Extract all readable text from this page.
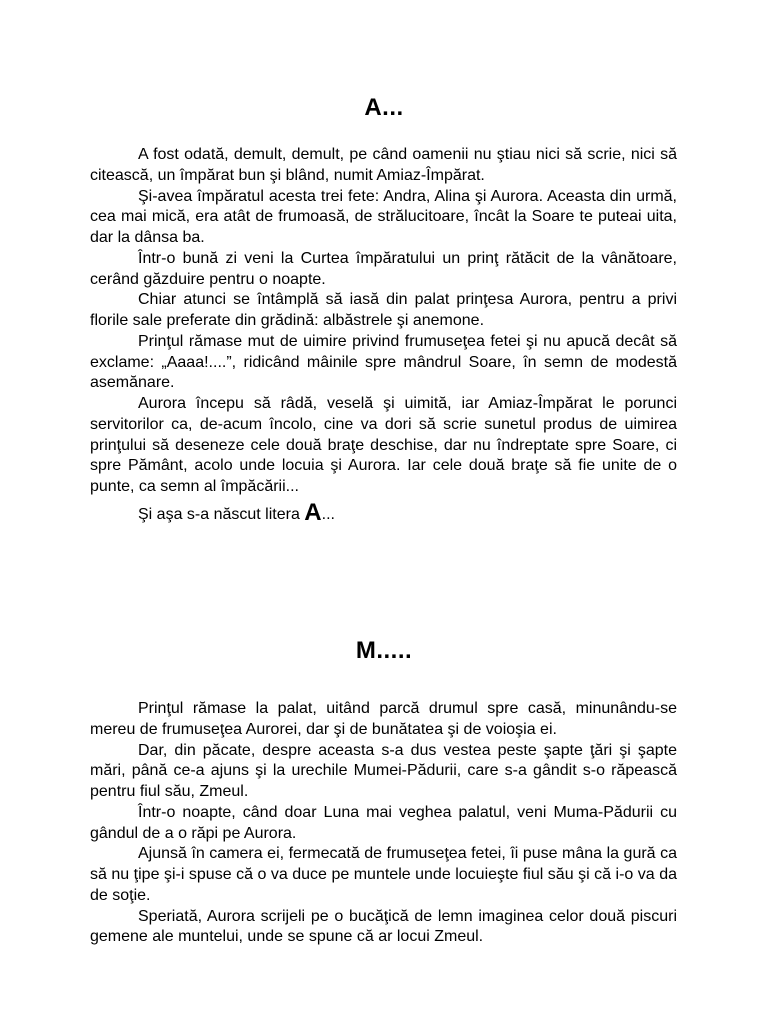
A...

A fost odată, demult, demult, pe când oamenii nu ştiau nici să scrie, nici să citească, un împărat bun şi blând, numit Amiaz-Împărat.

Şi-avea împăratul acesta trei fete: Andra, Alina şi Aurora. Aceasta din urmă, cea mai mică, era atât de frumoasă, de strălucitoare, încât la Soare te puteai uita, dar la dânsa ba.

Într-o bună zi veni la Curtea împăratului un prinţ rătăcit de la vânătoare, cerând găzduire pentru o noapte.

Chiar atunci se întâmplă să iasă din palat prinţesa Aurora, pentru a privi florile sale preferate din grădină: albăstrele şi anemone.

Prinţul rămase mut de uimire privind frumuseţea fetei şi nu apucă decât să exclame: „Aaaa!....”, ridicând mâinile spre mândrul Soare, în semn de modestă asemănare.

Aurora începu să râdă, veselă şi uimită, iar Amiaz-Împărat le porunci servitorilor ca, de-acum încolo, cine va dori să scrie sunetul produs de uimirea prinţului să deseneze cele două braţe deschise, dar nu îndreptate spre Soare, ci spre Pământ, acolo unde locuia şi Aurora. Iar cele două braţe să fie unite de o punte, ca semn al împăcării...

Şi aşa s-a născut litera A...

M.....

Prinţul rămase la palat, uitând parcă drumul spre casă, minunându-se mereu de frumuseţea Aurorei, dar şi de bunătatea şi de voioşia ei.

Dar, din păcate, despre aceasta s-a dus vestea peste şapte ţări şi şapte mări, până ce-a ajuns şi la urechile Mumei-Pădurii, care s-a gândit s-o răpească pentru fiul său, Zmeul.

Într-o noapte, când doar Luna mai veghea palatul, veni Muma-Pădurii cu gândul de a o răpi pe Aurora.

Ajunsă în camera ei, fermecată de frumuseţea fetei, îi puse mâna la gură ca să nu ţipe şi-i spuse că o va duce pe muntele unde locuieşte fiul său şi că i-o va da de soţie.

Speriată, Aurora scrijeli pe o bucăţică de lemn imaginea celor două piscuri gemene ale muntelui, unde se spune că ar locui Zmeul.
